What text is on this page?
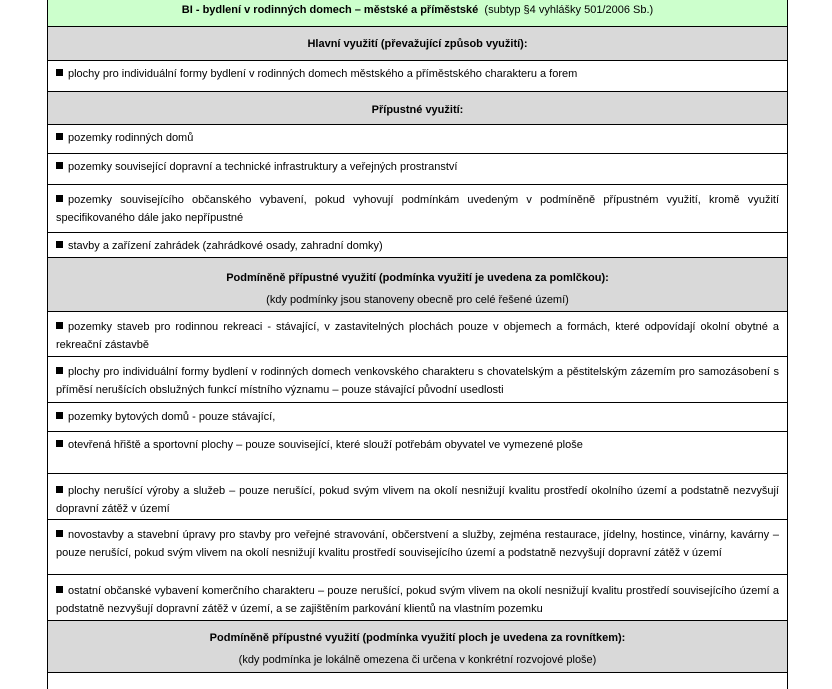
BI - bydlení v rodinných domech – městské a příměstské (subtyp §4 vyhlášky 501/2006 Sb.)
Hlavní využití (převažující způsob využití):
plochy pro individuální formy bydlení v rodinných domech městského a příměstského charakteru a forem
Přípustné využití:
pozemky rodinných domů
pozemky související dopravní a technické infrastruktury a veřejných prostranství
pozemky souvisejícího občanského vybavení, pokud vyhovují podmínkám uvedeným v podmíněně přípustném využití, kromě využití specifikovaného dále jako nepřípustné
stavby a zařízení zahrádek (zahrádkové osady, zahradní domky)
Podmíněně přípustné využití (podmínka využití je uvedena za pomlčkou):
(kdy podmínky jsou stanoveny obecně pro celé řešené území)
pozemky staveb pro rodinnou rekreaci - stávající, v zastavitelných plochách pouze v objemech a formách, které odpovídají okolní obytné a rekreační zástavbě
plochy pro individuální formy bydlení v rodinných domech venkovského charakteru s chovatelským a pěstitelským zázemím pro samozásobení s příměsí nerušících obslužných funkcí místního významu – pouze stávající původní usedlosti
pozemky bytových domů - pouze stávající,
otevřená hřiště a sportovní plochy – pouze související, které slouží potřebám obyvatel ve vymezené ploše
plochy nerušící výroby a služeb – pouze nerušící, pokud svým vlivem na okolí nesnižují kvalitu prostředí okolního území a podstatně nezvyšují dopravní zátěž v území
novostavby a stavební úpravy pro stavby pro veřejné stravování, občerstvení a služby, zejména restaurace, jídelny, hostince, vinárny, kavárny – pouze nerušící, pokud svým vlivem na okolí nesnižují kvalitu prostředí souvisejícího území a podstatně nezvyšují dopravní zátěž v území
ostatní občanské vybavení komerčního charakteru – pouze nerušící, pokud svým vlivem na okolí nesnižují kvalitu prostředí souvisejícího území a podstatně nezvyšují dopravní zátěž v území, a se zajištěním parkování klientů na vlastním pozemku
Podmíněně přípustné využití (podmínka využití ploch je uvedena za rovnítkem):
(kdy podmínka je lokálně omezena či určena v konkrétní rozvojové ploše)
